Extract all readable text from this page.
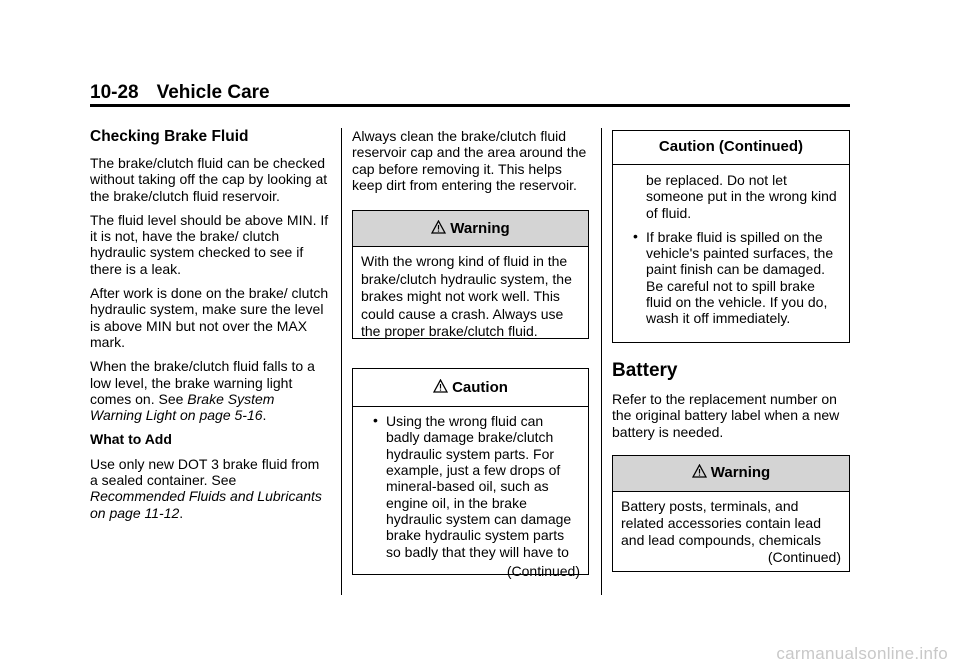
10-28 Vehicle Care
Checking Brake Fluid

The brake/clutch fluid can be checked without taking off the cap by looking at the brake/clutch fluid reservoir.

The fluid level should be above MIN. If it is not, have the brake/ clutch hydraulic system checked to see if there is a leak.

After work is done on the brake/ clutch hydraulic system, make sure the level is above MIN but not over the MAX mark.

When the brake/clutch fluid falls to a low level, the brake warning light comes on. See Brake System Warning Light on page 5-16.

What to Add

Use only new DOT 3 brake fluid from a sealed container. See Recommended Fluids and Lubricants on page 11-12.

Always clean the brake/clutch fluid reservoir cap and the area around the cap before removing it. This helps keep dirt from entering the reservoir.

Warning
With the wrong kind of fluid in the brake/clutch hydraulic system, the brakes might not work well. This could cause a crash. Always use the proper brake/clutch fluid.
Caution
• Using the wrong fluid can badly damage brake/clutch hydraulic system parts. For example, just a few drops of mineral-based oil, such as engine oil, in the brake hydraulic system can damage brake hydraulic system parts so badly that they will have to
(Continued)
Caution (Continued)
be replaced. Do not let someone put in the wrong kind of fluid.
• If brake fluid is spilled on the vehicle's painted surfaces, the paint finish can be damaged. Be careful not to spill brake fluid on the vehicle. If you do, wash it off immediately.
Battery

Refer to the replacement number on the original battery label when a new battery is needed.

Warning
Battery posts, terminals, and related accessories contain lead and lead compounds, chemicals
(Continued)
carmanualsonline.info
